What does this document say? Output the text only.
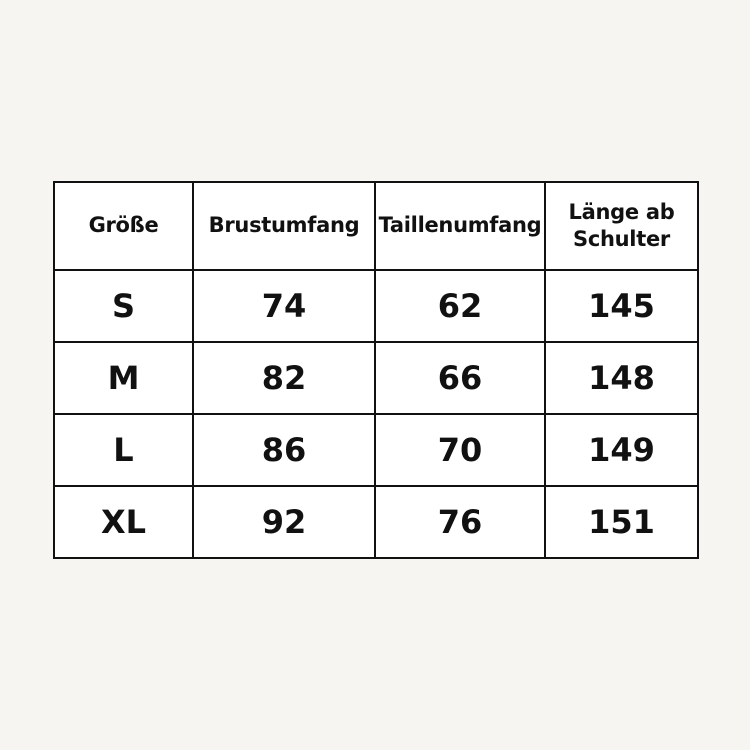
Größe	Brustumfang	Taillenumfang	Länge ab Schulter
S	74	62	145
M	82	66	148
L	86	70	149
XL	92	76	151
